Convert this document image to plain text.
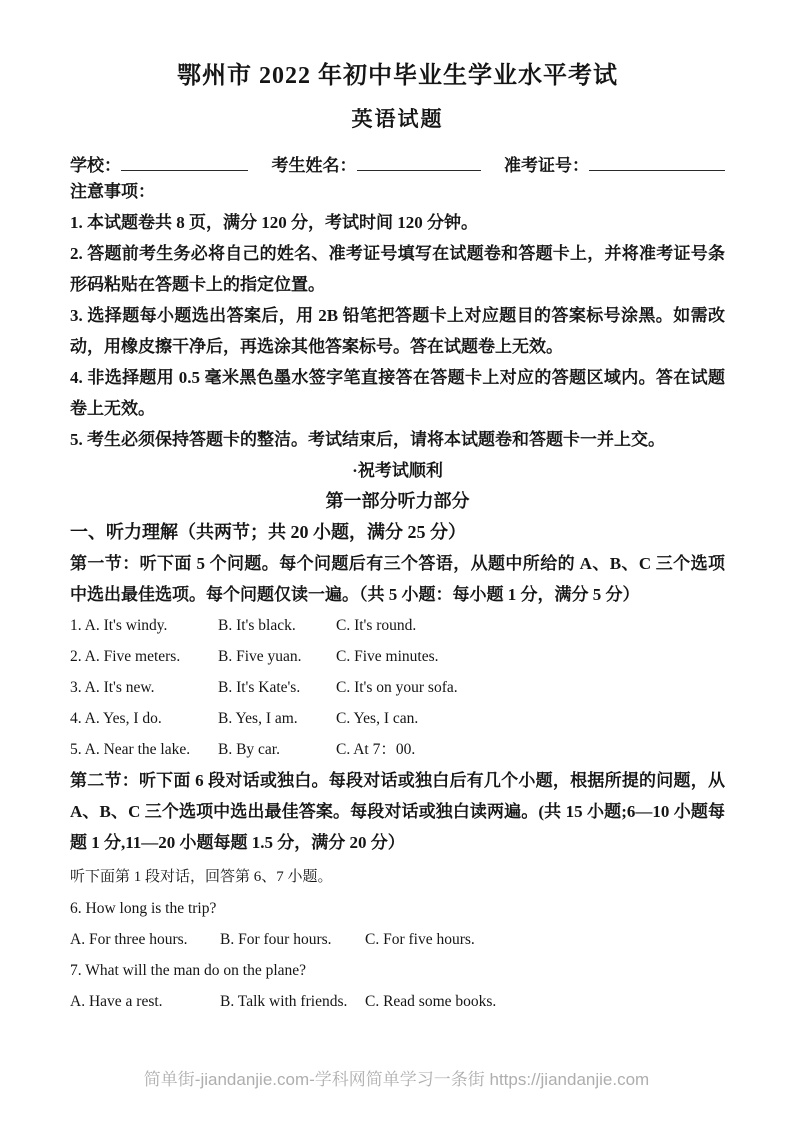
鄂州市 2022 年初中毕业生学业水平考试
英语试题
学校：	考生姓名：	准考证号：
注意事项：

1. 本试题卷共 8 页，满分 120 分，考试时间 120 分钟。

2. 答题前考生务必将自己的姓名、准考证号填写在试题卷和答题卡上，并将准考证号条形码粘贴在答题卡上的指定位置。

3. 选择题每小题选出答案后，用 2B 铅笔把答题卡上对应题目的答案标号涂黑。如需改动，用橡皮擦干净后，再选涂其他答案标号。答在试题卷上无效。

4. 非选择题用 0.5 毫米黑色墨水签字笔直接答在答题卡上对应的答题区域内。答在试题卷上无效。

5. 考生必须保持答题卡的整洁。考试结束后，请将本试题卷和答题卡一并上交。

·祝考试顺利
第一部分听力部分
一、听力理解（共两节；共 20 小题，满分 25 分）

第一节：听下面 5 个问题。每个问题后有三个答语，从题中所给的 A、B、C 三个选项中选出最佳选项。每个问题仅读一遍。（共 5 小题：每小题 1 分，满分 5 分）

1. A. It's windy.	B. It's black.	C. It's round.
2. A. Five meters.	B. Five yuan.	C. Five minutes.
3. A. It's new.	B. It's Kate's.	C. It's on your sofa.
4. A. Yes, I do.	B. Yes, I am.	C. Yes, I can.
5. A. Near the lake.	B. By car.	C. At 7：00.

第二节：听下面 6 段对话或独白。每段对话或独白后有几个小题，根据所提的问题，从 A、B、C 三个选项中选出最佳答案。每段对话或独白读两遍。(共 15 小题;6—10 小题每题 1 分,11—20 小题每题 1.5 分，满分 20 分）

听下面第 1 段对话，回答第 6、7 小题。
6. How long is the trip?
A. For three hours.	B. For four hours.	C. For five hours.
7. What will the man do on the plane?
A. Have a rest.	B. Talk with friends.	C. Read some books.
简单街-jiandanjie.com-学科网简单学习一条街 https://jiandanjie.com
